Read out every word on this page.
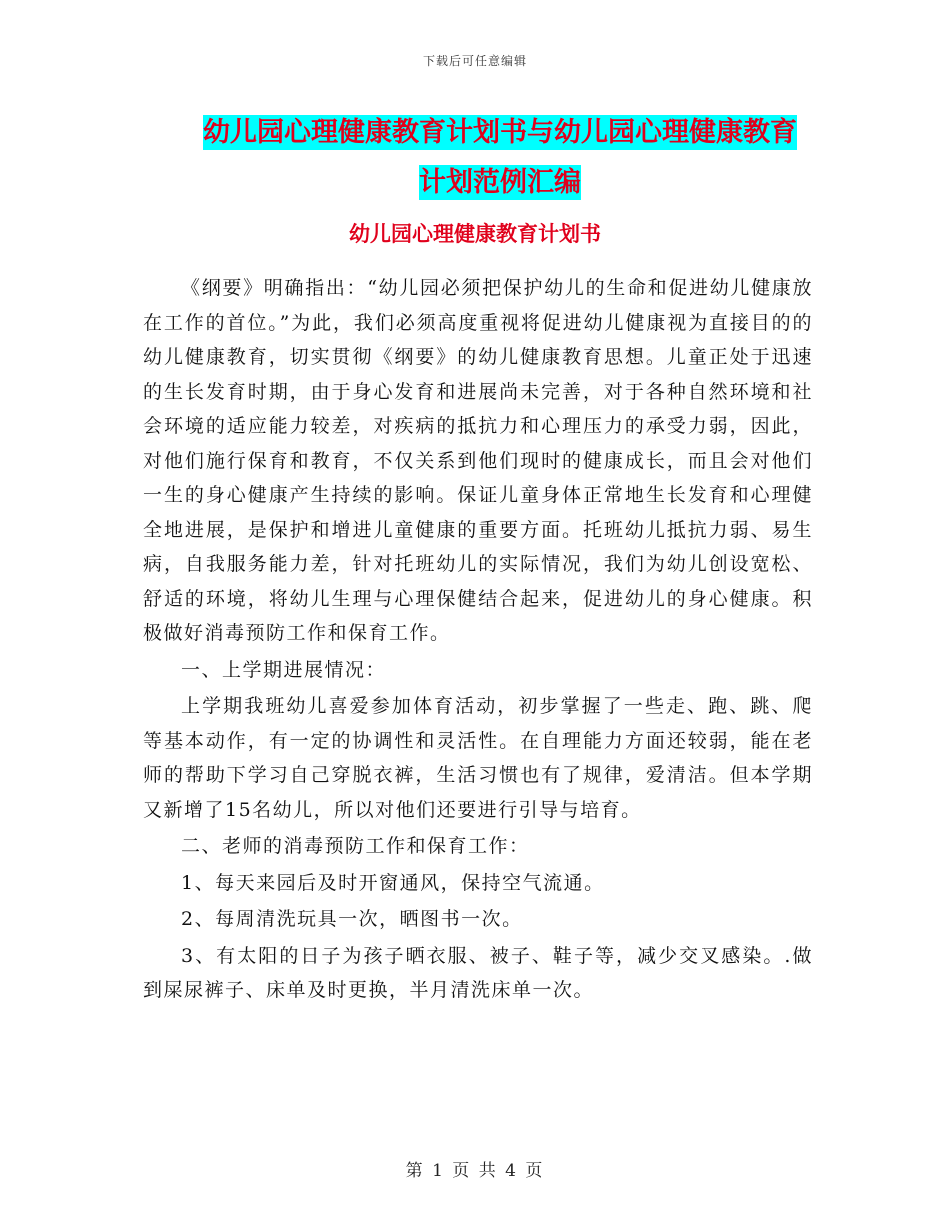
下载后可任意编辑
幼儿园心理健康教育计划书与幼儿园心理健康教育计划范例汇编
幼儿园心理健康教育计划书

《纲要》明确指出：“幼儿园必须把保护幼儿的生命和促进幼儿健康放在工作的首位。”为此，我们必须高度重视将促进幼儿健康视为直接目的的幼儿健康教育，切实贯彻《纲要》的幼儿健康教育思想。儿童正处于迅速的生长发育时期，由于身心发育和进展尚未完善，对于各种自然环境和社会环境的适应能力较差，对疾病的抵抗力和心理压力的承受力弱，因此，对他们施行保育和教育，不仅关系到他们现时的健康成长，而且会对他们一生的身心健康产生持续的影响。保证儿童身体正常地生长发育和心理健全地进展，是保护和增进儿童健康的重要方面。托班幼儿抵抗力弱、易生病，自我服务能力差，针对托班幼儿的实际情况，我们为幼儿创设宽松、舒适的环境，将幼儿生理与心理保健结合起来，促进幼儿的身心健康。积极做好消毒预防工作和保育工作。

一、上学期进展情况：

上学期我班幼儿喜爱参加体育活动，初步掌握了一些走、跑、跳、爬等基本动作，有一定的协调性和灵活性。在自理能力方面还较弱，能在老师的帮助下学习自己穿脱衣裤，生活习惯也有了规律，爱清洁。但本学期又新增了15名幼儿，所以对他们还要进行引导与培育。

二、老师的消毒预防工作和保育工作：

1、每天来园后及时开窗通风，保持空气流通。

2、每周清洗玩具一次，晒图书一次。

3、有太阳的日子为孩子晒衣服、被子、鞋子等，减少交叉感染。.做到屎尿裤子、床单及时更换，半月清洗床单一次。

第 1 页 共 4 页
